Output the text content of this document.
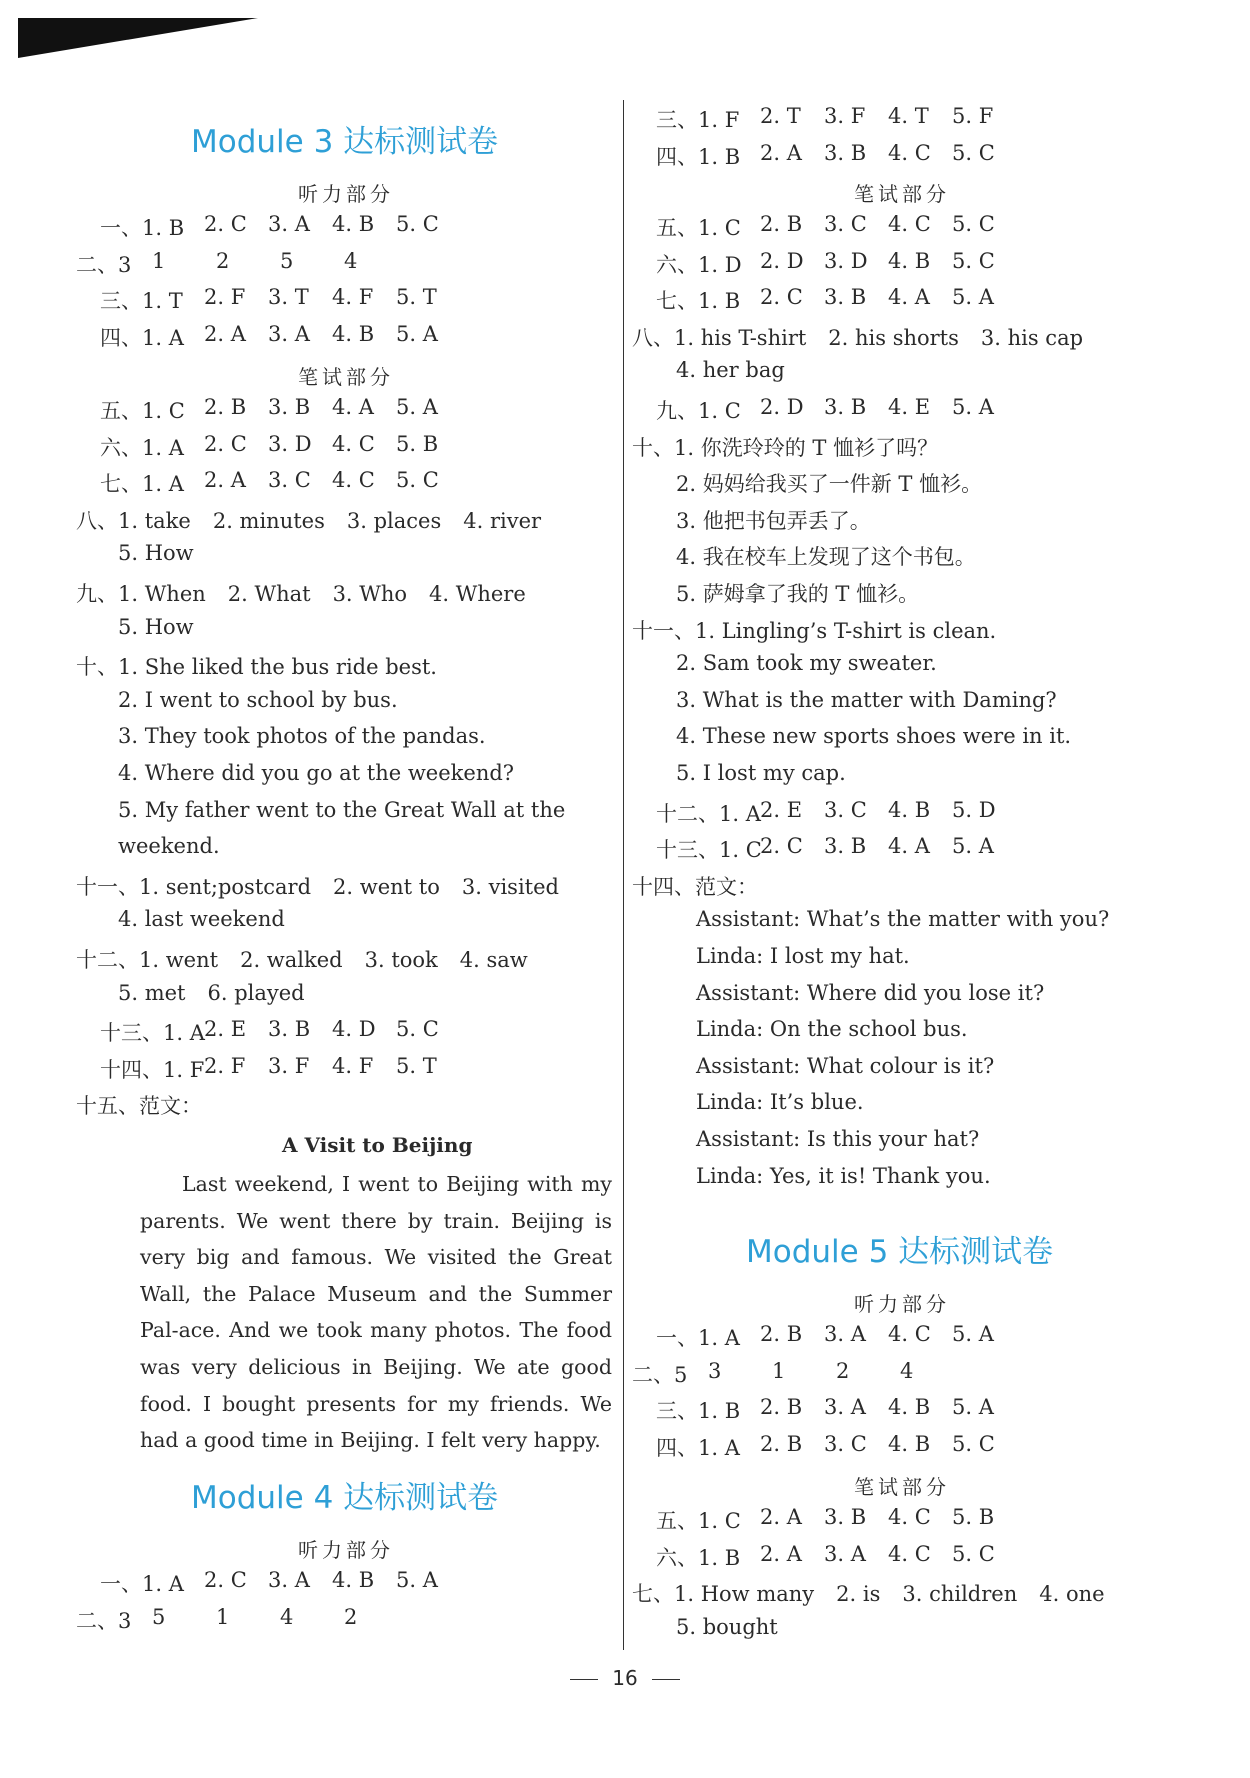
Module 3 达标测试卷
听力部分
一、1. B 2. C 3. A 4. B 5. C
二、3 1 2 5 4
三、1. T 2. F 3. T 4. F 5. T
四、1. A 2. A 3. A 4. B 5. A
笔试部分
五、1. C 2. B 3. B 4. A 5. A
六、1. A 2. C 3. D 4. C 5. B
七、1. A 2. A 3. C 4. C 5. C
八、1. take 2. minutes 3. places 4. river
5. How
九、1. When 2. What 3. Who 4. Where
5. How
十、1. She liked the bus ride best.
2. I went to school by bus.
3. They took photos of the pandas.
4. Where did you go at the weekend?
5. My father went to the Great Wall at the
weekend.
十一、1. sent;postcard 2. went to 3. visited
4. last weekend
十二、1. went 2. walked 3. took 4. saw
5. met 6. played
十三、1. A 2. E 3. B 4. D 5. C
十四、1. F 2. F 3. F 4. F 5. T
十五、范文：
A Visit to Beijing
Last weekend, I went to Beijing with my parents. We went there by train. Beijing is very big and famous. We visited the Great Wall, the Palace Museum and the Summer Pal-ace. And we took many photos. The food was very delicious in Beijing. We ate good food. I bought presents for my friends. We had a good time in Beijing. I felt very happy.
Module 4 达标测试卷
听力部分
一、1. A 2. C 3. A 4. B 5. A
二、3 5 1 4 2
三、1. F 2. T 3. F 4. T 5. F
四、1. B 2. A 3. B 4. C 5. C
笔试部分
五、1. C 2. B 3. C 4. C 5. C
六、1. D 2. D 3. D 4. B 5. C
七、1. B 2. C 3. B 4. A 5. A
八、1. his T-shirt 2. his shorts 3. his cap
4. her bag
九、1. C 2. D 3. B 4. E 5. A
十、1. 你洗玲玲的 T 恤衫了吗？
2. 妈妈给我买了一件新 T 恤衫。
3. 他把书包弄丢了。
4. 我在校车上发现了这个书包。
5. 萨姆拿了我的 T 恤衫。
十一、1. Lingling’s T-shirt is clean.
2. Sam took my sweater.
3. What is the matter with Daming?
4. These new sports shoes were in it.
5. I lost my cap.
十二、1. A 2. E 3. C 4. B 5. D
十三、1. C
2. C 3. B 4. A 5. A
十四、范文：
Assistant: What’s the matter with you?
Linda: I lost my hat.
Assistant: Where did you lose it?
Linda: On the school bus.
Assistant: What colour is it?
Linda: It’s blue.
Assistant: Is this your hat?
Linda: Yes, it is! Thank you.
Module 5 达标测试卷
听力部分
一、1. A 2. B 3. A 4. C 5. A
二、5 3 1 2 4
三、1. B 2. B 3. A 4. B 5. A
四、1. A 2. B 3. C 4. B 5. C
笔试部分
五、1. C 2. A 3. B 4. C 5. B
六、1. B 2. A 3. A 4. C 5. C
七、1. How many 2. is 3. children 4. one
5. bought
16
